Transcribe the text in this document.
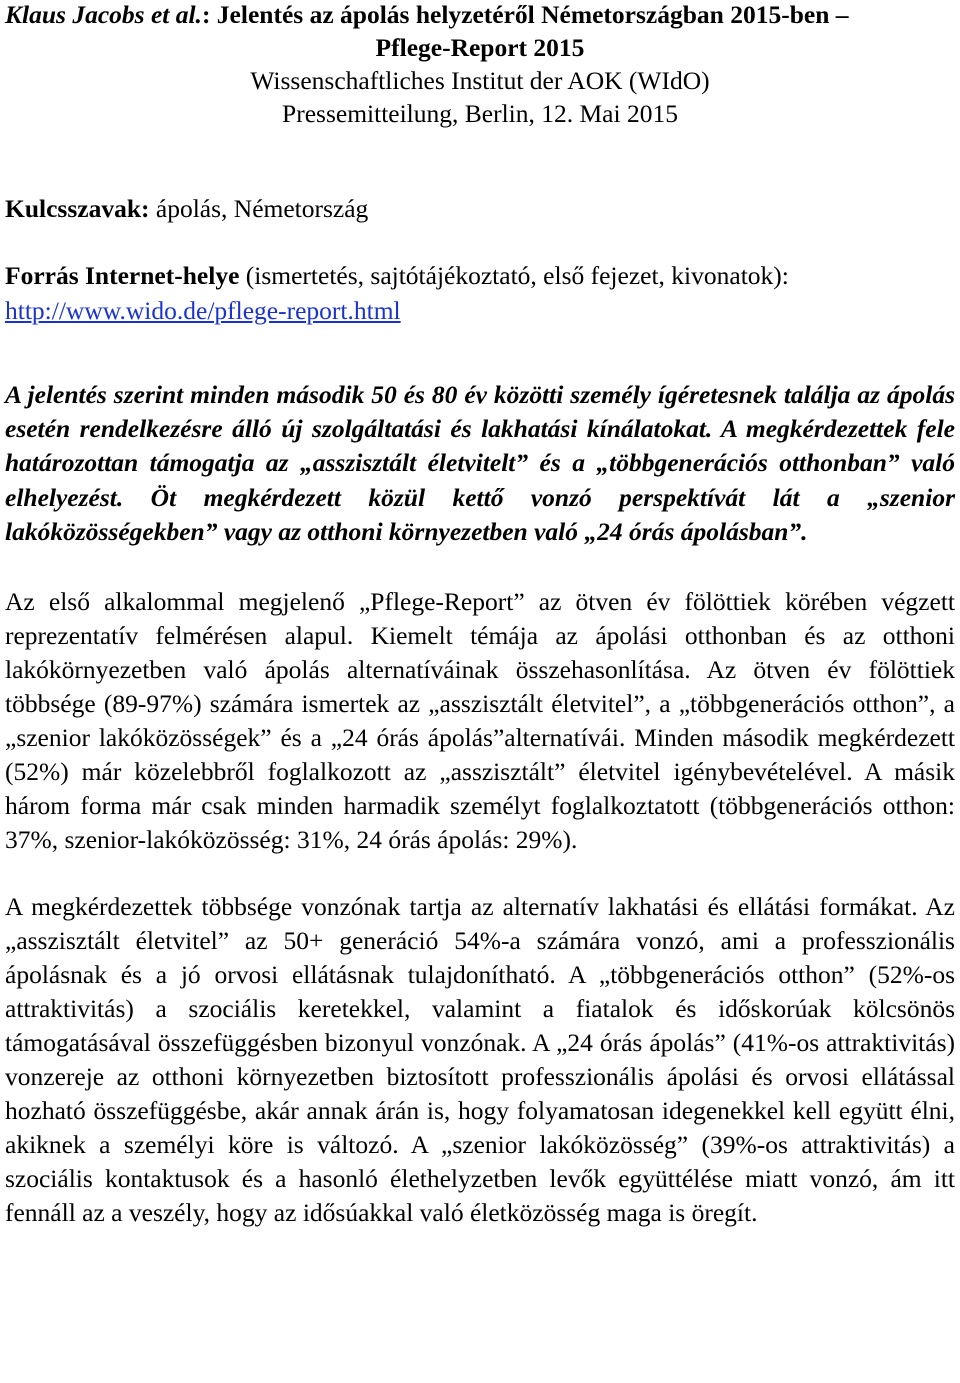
Klaus Jacobs et al.: Jelentés az ápolás helyzetéről Németországban 2015-ben –
Pflege-Report 2015
Wissenschaftliches Institut der AOK (WIdO)
Pressemitteilung, Berlin, 12. Mai 2015
Kulcsszavak: ápolás, Németország
Forrás Internet-helye (ismertetés, sajtótájékoztató, első fejezet, kivonatok):
http://www.wido.de/pflege-report.html

A jelentés szerint minden második 50 és 80 év közötti személy ígéretesnek találja az ápolás esetén rendelkezésre álló új szolgáltatási és lakhatási kínálatokat. A megkérdezettek fele határozottan támogatja az „asszisztált életvitelt” és a „többgenerációs otthonban” való elhelyezést. Öt megkérdezett közül kettő vonzó perspektívát lát a „szenior lakóközösségekben” vagy az otthoni környezetben való „24 órás ápolásban”.

Az első alkalommal megjelenő „Pflege-Report” az ötven év fölöttiek körében végzett reprezentatív felmérésen alapul. Kiemelt témája az ápolási otthonban és az otthoni lakókörnyezetben való ápolás alternatíváinak összehasonlítása. Az ötven év fölöttiek többsége (89-97%) számára ismertek az „asszisztált életvitel”, a „többgenerációs otthon”, a „szenior lakóközösségek” és a „24 órás ápolás”alternatívái. Minden második megkérdezett (52%) már közelebbről foglalkozott az „asszisztált” életvitel igénybevételével. A másik három forma már csak minden harmadik személyt foglalkoztatott (többgenerációs otthon: 37%, szenior-lakóközösség: 31%, 24 órás ápolás: 29%).

A megkérdezettek többsége vonzónak tartja az alternatív lakhatási és ellátási formákat. Az „asszisztált életvitel” az 50+ generáció 54%-a számára vonzó, ami a professzionális ápolásnak és a jó orvosi ellátásnak tulajdonítható. A „többgenerációs otthon” (52%-os attraktivitás) a szociális keretekkel, valamint a fiatalok és időskorúak kölcsönös támogatásával összefüggésben bizonyul vonzónak. A „24 órás ápolás” (41%-os attraktivitás) vonzereje az otthoni környezetben biztosított professzionális ápolási és orvosi ellátással hozható összefüggésbe, akár annak árán is, hogy folyamatosan idegenekkel kell együtt élni, akiknek a személyi köre is változó. A „szenior lakóközösség” (39%-os attraktivitás) a szociális kontaktusok és a hasonló élethelyzetben levők együttélése miatt vonzó, ám itt fennáll az a veszély, hogy az idősúakkal való életközösség maga is öregít.
